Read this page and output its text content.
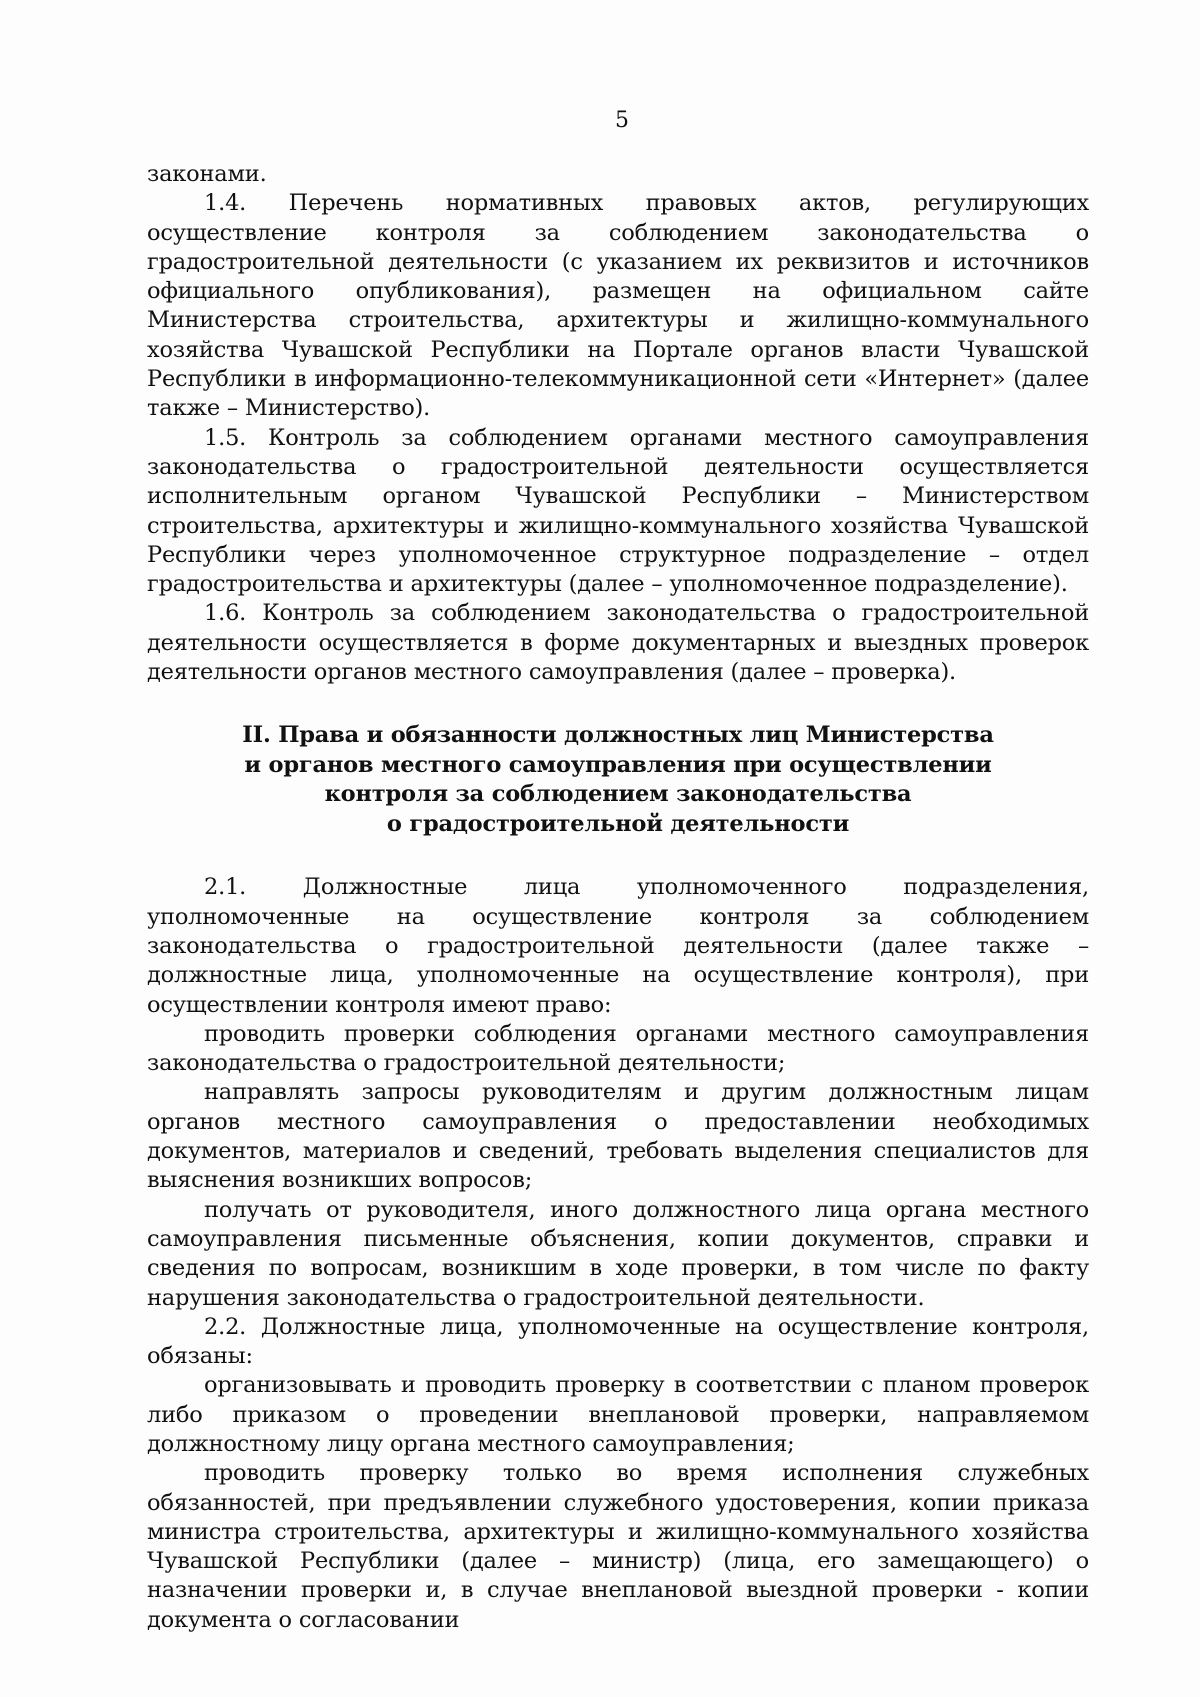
5

законами.

1.4. Перечень нормативных правовых актов, регулирующих осуществление контроля за соблюдением законодательства о градостроительной деятельности (с указанием их реквизитов и источников официального опубликования), размещен на официальном сайте Министерства строительства, архитектуры и жилищно-коммунального хозяйства Чувашской Республики на Портале органов власти Чувашской Республики в информационно-телекоммуникационной сети «Интернет» (далее также – Министерство).

1.5. Контроль за соблюдением органами местного самоуправления законодательства о градостроительной деятельности осуществляется исполнительным органом Чувашской Республики – Министерством строительства, архитектуры и жилищно-коммунального хозяйства Чувашской Республики через уполномоченное структурное подразделение – отдел градостроительства и архитектуры (далее – уполномоченное подразделение).

1.6. Контроль за соблюдением законодательства о градостроительной деятельности осуществляется в форме документарных и выездных проверок деятельности органов местного самоуправления (далее – проверка).

II. Права и обязанности должностных лиц Министерства
и органов местного самоуправления при осуществлении
контроля за соблюдением законодательства
о градостроительной деятельности

2.1. Должностные лица уполномоченного подразделения, уполномоченные на осуществление контроля за соблюдением законодательства о градостроительной деятельности (далее также – должностные лица, уполномоченные на осуществление контроля), при осуществлении контроля имеют право:

проводить проверки соблюдения органами местного самоуправления законодательства о градостроительной деятельности;

направлять запросы руководителям и другим должностным лицам органов местного самоуправления о предоставлении необходимых документов, материалов и сведений, требовать выделения специалистов для выяснения возникших вопросов;

получать от руководителя, иного должностного лица органа местного самоуправления письменные объяснения, копии документов, справки и сведения по вопросам, возникшим в ходе проверки, в том числе по факту нарушения законодательства о градостроительной деятельности.

2.2. Должностные лица, уполномоченные на осуществление контроля, обязаны:

организовывать и проводить проверку в соответствии с планом проверок либо приказом о проведении внеплановой проверки, направляемом должностному лицу органа местного самоуправления;

проводить проверку только во время исполнения служебных обязанностей, при предъявлении служебного удостоверения, копии приказа министра строительства, архитектуры и жилищно-коммунального хозяйства Чувашской Республики (далее – министр) (лица, его замещающего) о назначении проверки и, в случае внеплановой выездной проверки - копии документа о согласовании
